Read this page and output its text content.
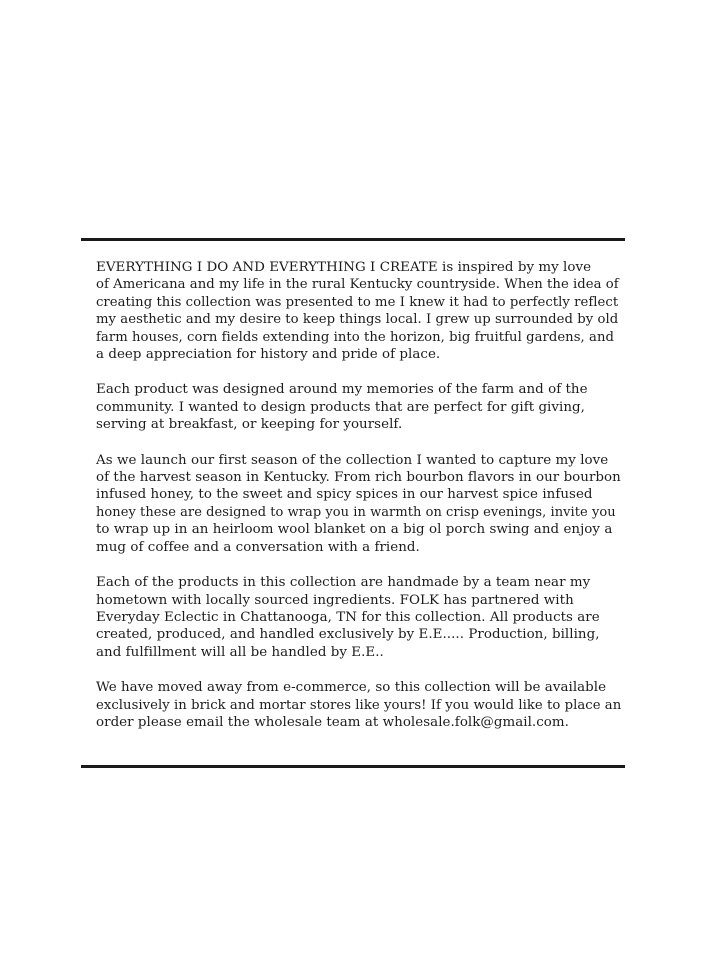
EVERYTHING I DO AND EVERYTHING I CREATE is inspired by my love
of Americana and my life in the rural Kentucky countryside. When the idea of
creating this collection was presented to me I knew it had to perfectly reflect
my aesthetic and my desire to keep things local. I grew up surrounded by old
farm houses, corn fields extending into the horizon, big fruitful gardens, and
a deep appreciation for history and pride of place.

Each product was designed around my memories of the farm and of the
community. I wanted to design products that are perfect for gift giving,
serving at breakfast, or keeping for yourself.

As we launch our first season of the collection I wanted to capture my love
of the harvest season in Kentucky. From rich bourbon flavors in our bourbon
infused honey, to the sweet and spicy spices in our harvest spice infused
honey these are designed to wrap you in warmth on crisp evenings, invite you
to wrap up in an heirloom wool blanket on a big ol porch swing and enjoy a
mug of coffee and a conversation with a friend.

Each of the products in this collection are handmade by a team near my
hometown with locally sourced ingredients. FOLK has partnered with
Everyday Eclectic in Chattanooga, TN for this collection. All products are
created, produced, and handled exclusively by E.E..... Production, billing,
and fulfillment will all be handled by E.E..

We have moved away from e-commerce, so this collection will be available
exclusively in brick and mortar stores like yours! If you would like to place an
order please email the wholesale team at wholesale.folk@gmail.com.
